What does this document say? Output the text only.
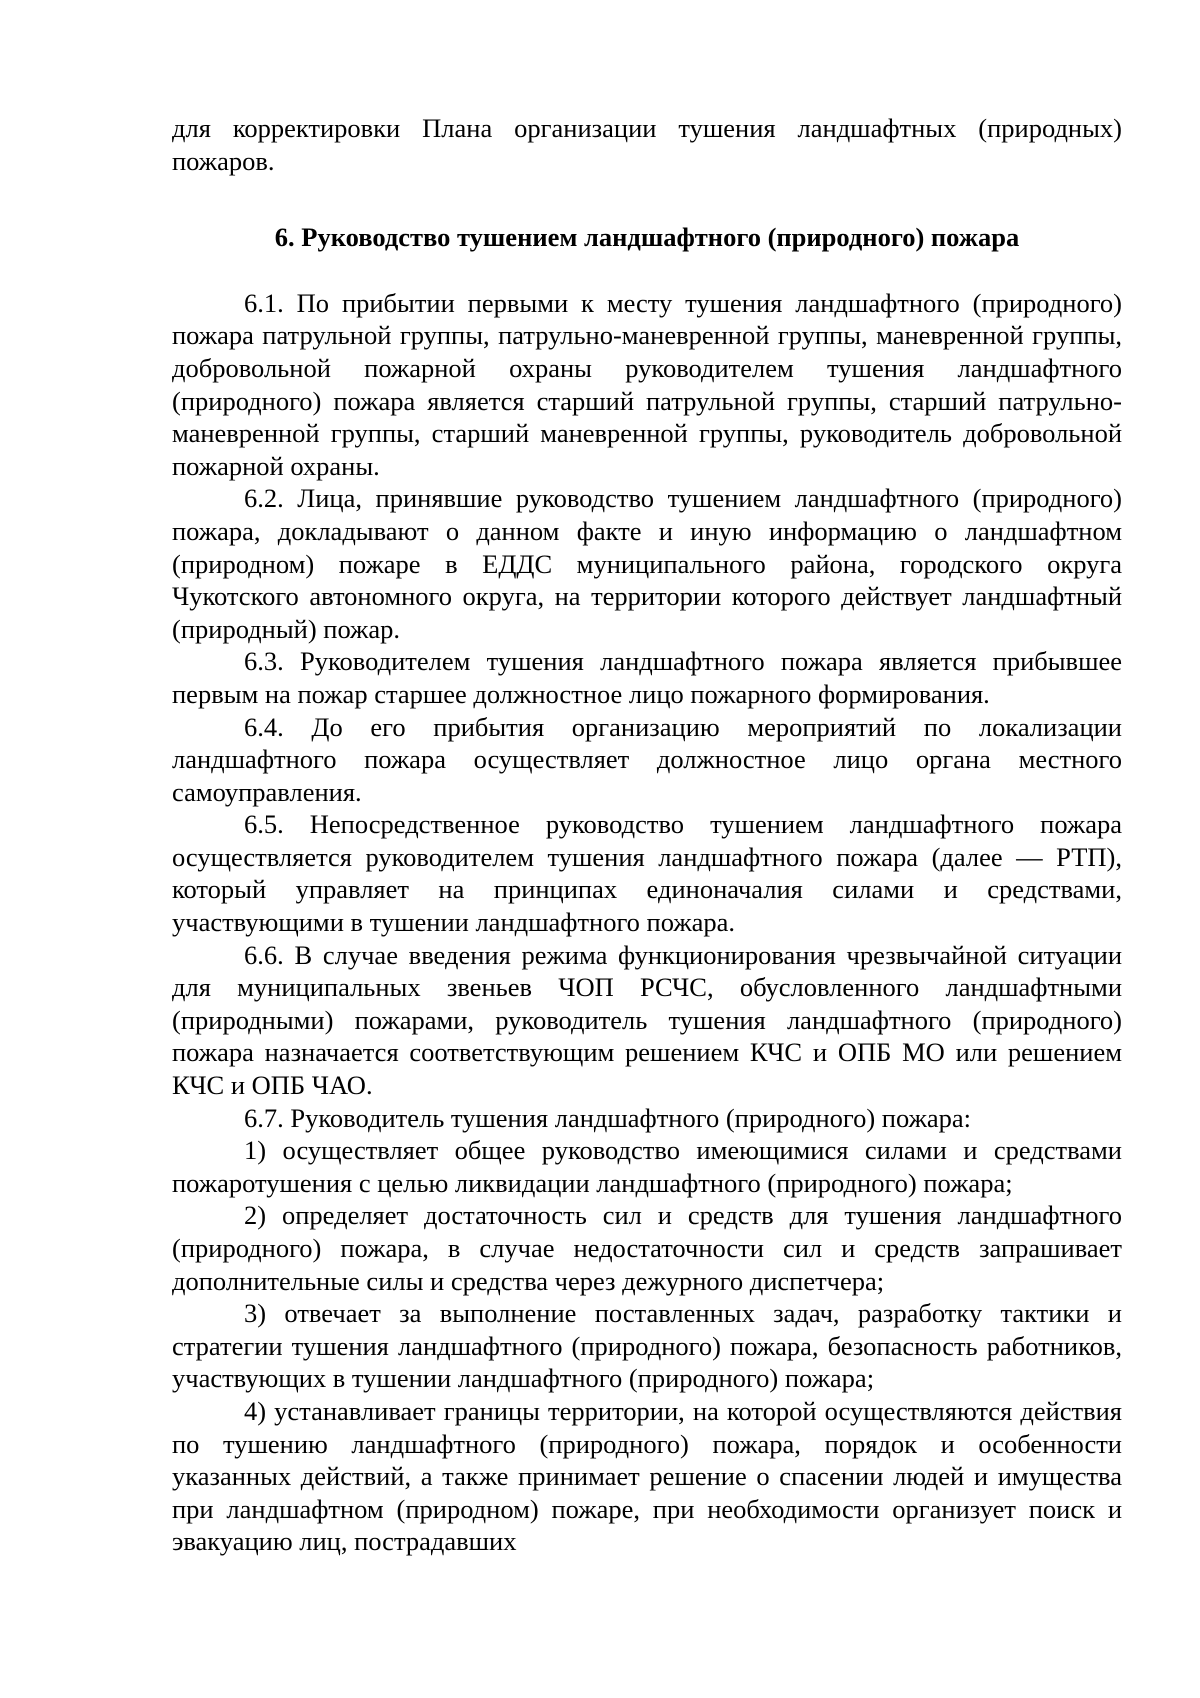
для корректировки Плана организации тушения ландшафтных (природных) пожаров.

6. Руководство тушением ландшафтного (природного) пожара

6.1. По прибытии первыми к месту тушения ландшафтного (природного) пожара патрульной группы, патрульно-маневренной группы, маневренной группы, добровольной пожарной охраны руководителем тушения ландшафтного (природного) пожара является старший патрульной группы, старший патрульно-маневренной группы, старший маневренной группы, руководитель добровольной пожарной охраны.

6.2. Лица, принявшие руководство тушением ландшафтного (природного) пожара, докладывают о данном факте и иную информацию о ландшафтном (природном) пожаре в ЕДДС муниципального района, городского округа Чукотского автономного округа, на территории которого действует ландшафтный (природный) пожар.

6.3. Руководителем тушения ландшафтного пожара является прибывшее первым на пожар старшее должностное лицо пожарного формирования.

6.4. До его прибытия организацию мероприятий по локализации ландшафтного пожара осуществляет должностное лицо органа местного самоуправления.

6.5. Непосредственное руководство тушением ландшафтного пожара осуществляется руководителем тушения ландшафтного пожара (далее — РТП), который управляет на принципах единоначалия силами и средствами, участвующими в тушении ландшафтного пожара.

6.6. В случае введения режима функционирования чрезвычайной ситуации для муниципальных звеньев ЧОП РСЧС, обусловленного ландшафтными (природными) пожарами, руководитель тушения ландшафтного (природного) пожара назначается соответствующим решением КЧС и ОПБ МО или решением КЧС и ОПБ ЧАО.

6.7. Руководитель тушения ландшафтного (природного) пожара:

1) осуществляет общее руководство имеющимися силами и средствами пожаротушения с целью ликвидации ландшафтного (природного) пожара;

2) определяет достаточность сил и средств для тушения ландшафтного (природного) пожара, в случае недостаточности сил и средств запрашивает дополнительные силы и средства через дежурного диспетчера;

3) отвечает за выполнение поставленных задач, разработку тактики и стратегии тушения ландшафтного (природного) пожара, безопасность работников, участвующих в тушении ландшафтного (природного) пожара;

4) устанавливает границы территории, на которой осуществляются действия по тушению ландшафтного (природного) пожара, порядок и особенности указанных действий, а также принимает решение о спасении людей и имущества при ландшафтном (природном) пожаре, при необходимости организует поиск и эвакуацию лиц, пострадавших
